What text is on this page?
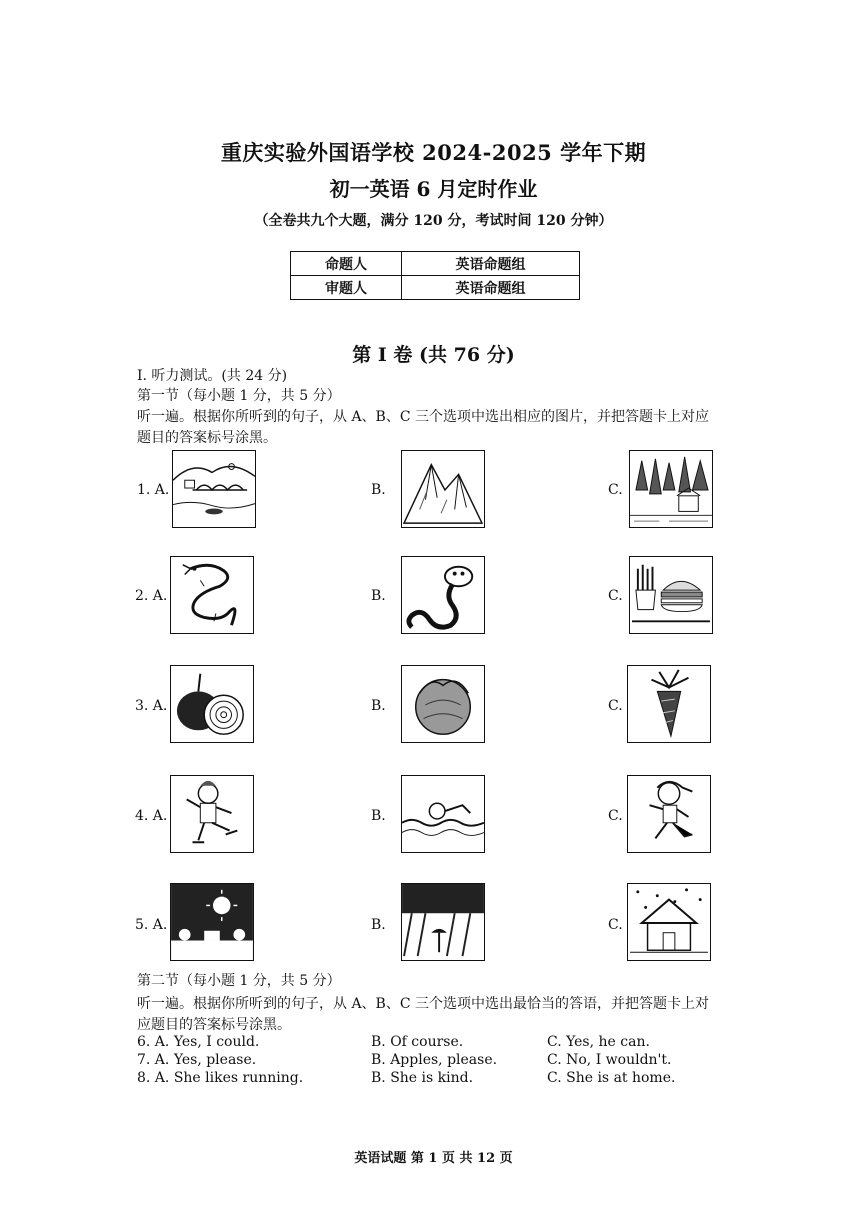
重庆实验外国语学校 2024-2025 学年下期
初一英语 6 月定时作业
（全卷共九个大题，满分 120 分，考试时间 120 分钟）
命题人	英语命题组
审题人	英语命题组
第 I 卷 (共 76 分)
I. 听力测试。(共 24 分)
第一节（每小题 1 分，共 5 分）
听一遍。根据你所听到的句子，从 A、B、C 三个选项中选出相应的图片，并把答题卡上对应
题目的答案标号涂黑。
1. A.	B.	C.
2. A.	B.	C.
3. A.	B.	C.
4. A.	B.	C.
5. A.	B.	C.
第二节（每小题 1 分，共 5 分）
听一遍。根据你所听到的句子，从 A、B、C 三个选项中选出最恰当的答语，并把答题卡上对
应题目的答案标号涂黑。
6. A. Yes, I could.	B. Of course.	C. Yes, he can.
7. A. Yes, please.	B. Apples, please.	C. No, I wouldn't.
8. A. She likes running.	B. She is kind.	C. She is at home.
英语试题 第 1 页 共 12 页
